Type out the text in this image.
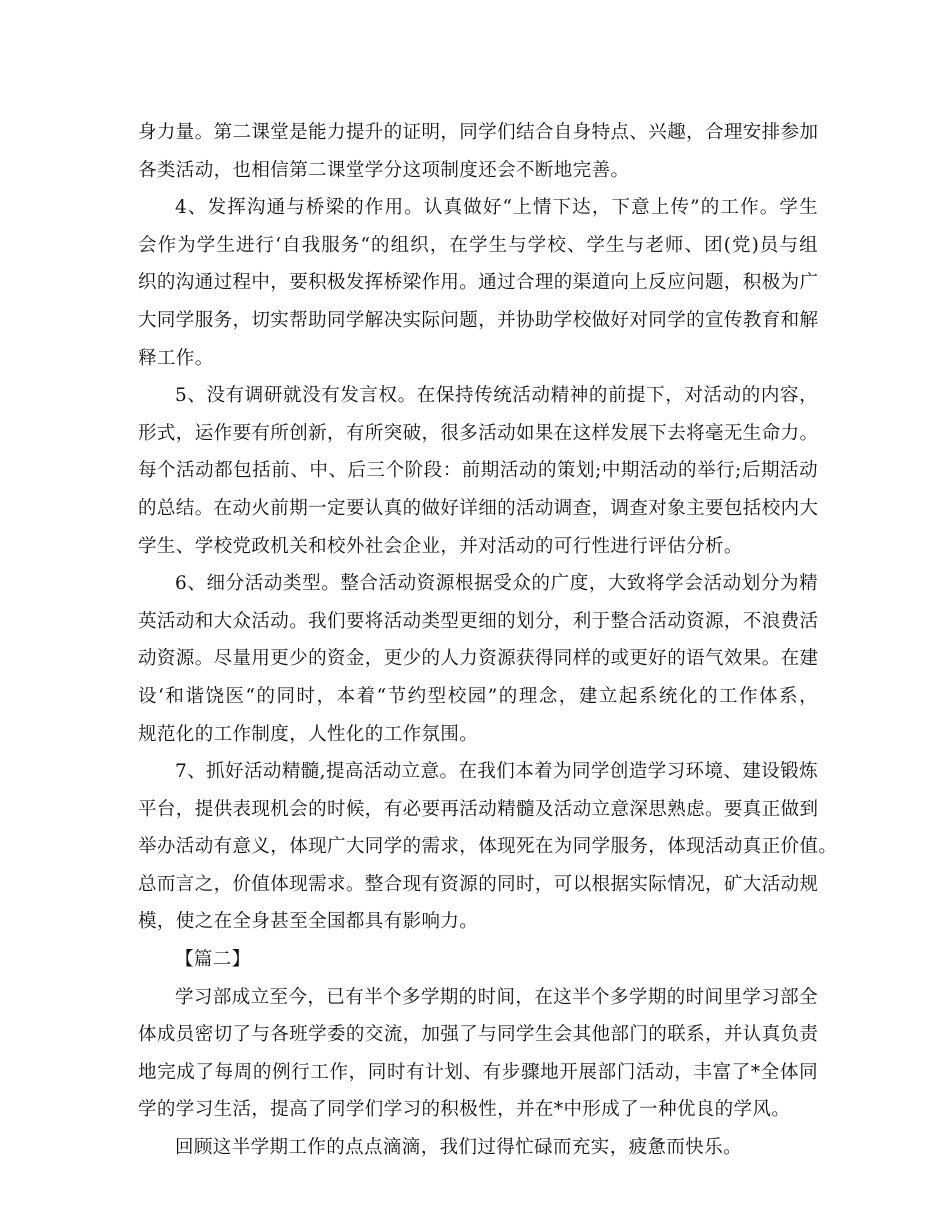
身力量。第二课堂是能力提升的证明，同学们结合自身特点、兴趣，合理安排参加
各类活动，也相信第二课堂学分这项制度还会不断地完善。
4、发挥沟通与桥梁的作用。认真做好“上情下达，下意上传”的工作。学生
会作为学生进行‘自我服务“的组织，在学生与学校、学生与老师、团(党)员与组
织的沟通过程中，要积极发挥桥梁作用。通过合理的渠道向上反应问题，积极为广
大同学服务，切实帮助同学解决实际问题，并协助学校做好对同学的宣传教育和解
释工作。
5、没有调研就没有发言权。在保持传统活动精神的前提下，对活动的内容，
形式，运作要有所创新，有所突破，很多活动如果在这样发展下去将毫无生命力。
每个活动都包括前、中、后三个阶段：前期活动的策划;中期活动的举行;后期活动
的总结。在动火前期一定要认真的做好详细的活动调查，调查对象主要包括校内大
学生、学校党政机关和校外社会企业，并对活动的可行性进行评估分析。
6、细分活动类型。整合活动资源根据受众的广度，大致将学会活动划分为精
英活动和大众活动。我们要将活动类型更细的划分，利于整合活动资源，不浪费活
动资源。尽量用更少的资金，更少的人力资源获得同样的或更好的语气效果。在建
设‘和谐饶医“的同时，本着“节约型校园”的理念，建立起系统化的工作体系，
规范化的工作制度，人性化的工作氛围。
7、抓好活动精髓,提高活动立意。在我们本着为同学创造学习环境、建设锻炼
平台，提供表现机会的时候，有必要再活动精髓及活动立意深思熟虑。要真正做到
举办活动有意义，体现广大同学的需求，体现死在为同学服务，体现活动真正价值。
总而言之，价值体现需求。整合现有资源的同时，可以根据实际情况，矿大活动规
模，使之在全身甚至全国都具有影响力。
【篇二】
学习部成立至今，已有半个多学期的时间，在这半个多学期的时间里学习部全
体成员密切了与各班学委的交流，加强了与同学生会其他部门的联系，并认真负责
地完成了每周的例行工作，同时有计划、有步骤地开展部门活动，丰富了*全体同
学的学习生活，提高了同学们学习的积极性，并在*中形成了一种优良的学风。
回顾这半学期工作的点点滴滴，我们过得忙碌而充实，疲惫而快乐。
